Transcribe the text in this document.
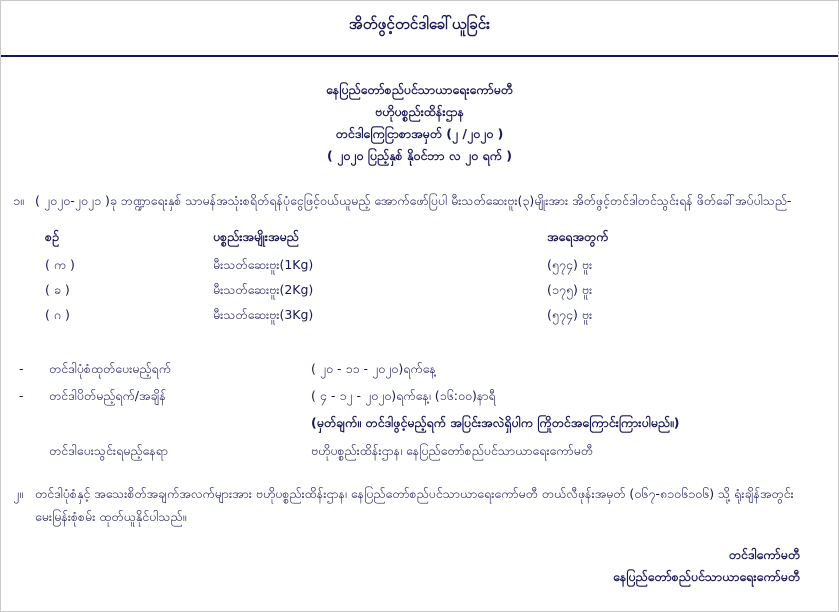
အိတ်ဖွင့်တင်ဒါခေါ်ယူခြင်း
နေပြည်တော်စည်ပင်သာယာရေးကော်မတီ
ဗဟိုပစ္စည်းထိန်းဌာန
တင်ဒါကြေငြာစာအမှတ် (၂ /၂၀၂၀ )
( ၂၀၂၀ ပြည့်နှစ် နိုဝင်ဘာ လ ၂၀ ရက် )
၁။ ( ၂၀၂၀-၂၀၂၁ )ခု ဘဏ္ဍာရေးနှစ် သာမန်အသုံးစရိတ်ရန်ပုံငွေဖြင့်ဝယ်ယူမည့် အောက်ဖော်ပြပါ မီးသတ်ဆေးဗူး(၃)မျိုးအား အိတ်ဖွင့်တင်ဒါတင်သွင်းရန် ဖိတ်ခေါ်အပ်ပါသည်-
စဉ်	ပစ္စည်းအမျိုးအမည်	အရေအတွက်
( က )	မီးသတ်ဆေးဗူး(1Kg)	(၅၇၄) ဗူး
( ခ )	မီးသတ်ဆေးဗူး(2Kg)	(၁၇၅) ဗူး
( ဂ )	မီးသတ်ဆေးဗူး(3Kg)	(၅၇၄) ဗူး
-	တင်ဒါပုံစံထုတ်ပေးမည့်ရက်	( ၂၀ - ၁၁ - ၂၀၂၀)ရက်နေ့
-	တင်ဒါပိတ်မည့်ရက်/အချိန်	( ၄ - ၁၂ - ၂၀၂၀)ရက်နေ့၊ (၁၆:၀၀)နာရီ
		(မှတ်ချက်။ တင်ဒါဖွင့်မည့်ရက် အပြင်းအလဲရှိပါက ကြိုတင်အကြောင်းကြားပါမည်။)
	တင်ဒါပေးသွင်းရမည့်နေရာ	ဗဟိုပစ္စည်းထိန်းဌာန၊ နေပြည်တော်စည်ပင်သာယာရေးကော်မတီ
၂။ တင်ဒါပုံစံနှင့် အသေးစိတ်အချက်အလက်များအား ဗဟိုပစ္စည်းထိန်းဌာန၊ နေပြည်တော်စည်ပင်သာယာရေးကော်မတီ တယ်လီဖုန်းအမှတ် (၀၆၇-၈၁၀၆၁၀၆) သို့ ရုံးချိန်အတွင်း မေးမြန်းစုံစမ်း ထုတ်ယူနိုင်ပါသည်။
တင်ဒါကော်မတီ
နေပြည်တော်စည်ပင်သာယာရေးကော်မတီ
